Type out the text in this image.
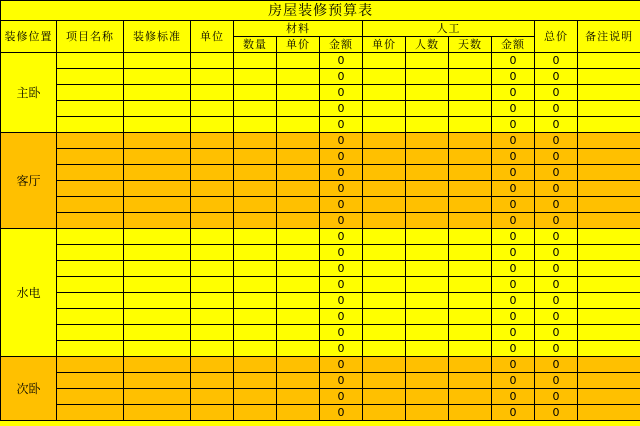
房屋装修预算表												
装修位置	项目名称	装修标准	单位	材料			人工				总价	备注说明
				数量	单价	金额	单价	人数	天数	金额		
主卧						0				0	0	
						0				0	0	
						0				0	0	
						0				0	0	
						0				0	0	
客厅						0				0	0	
						0				0	0	
						0				0	0	
						0				0	0	
						0				0	0	
						0				0	0	
水电						0				0	0	
						0				0	0	
						0				0	0	
						0				0	0	
						0				0	0	
						0				0	0	
						0				0	0	
						0				0	0	
次卧						0				0	0	
						0				0	0	
						0				0	0	
						0				0	0	
